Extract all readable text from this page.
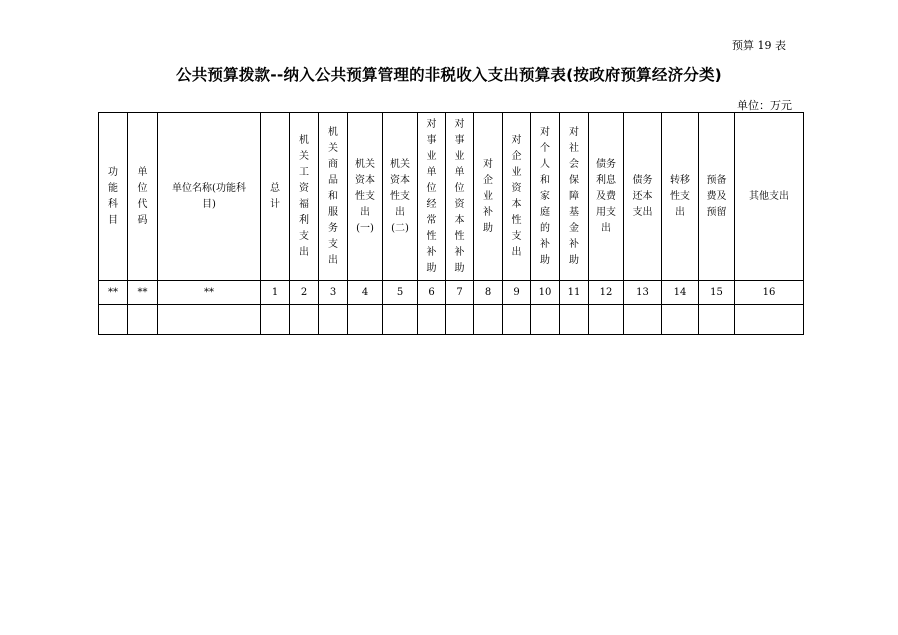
预算 19 表
公共预算拨款--纳入公共预算管理的非税收入支出预算表(按政府预算经济分类)
单位：万元
功能科目	单位代码	单位名称(功能科目)	总计	机关工资福利支出	机关商品和服务支出	机关资本性支出(一)	机关资本性支出(二)	对事业单位经常性补助	对事业单位资本性补助	对企业补助	对企业资本性支出	对个人和家庭的补助	对社会保障基金补助	债务利息及费用支出	债务还本支出	转移性支出	预备费及预留	其他支出
**	**	**	1	2	3	4	5	6	7	8	9	10	11	12	13	14	15	16
